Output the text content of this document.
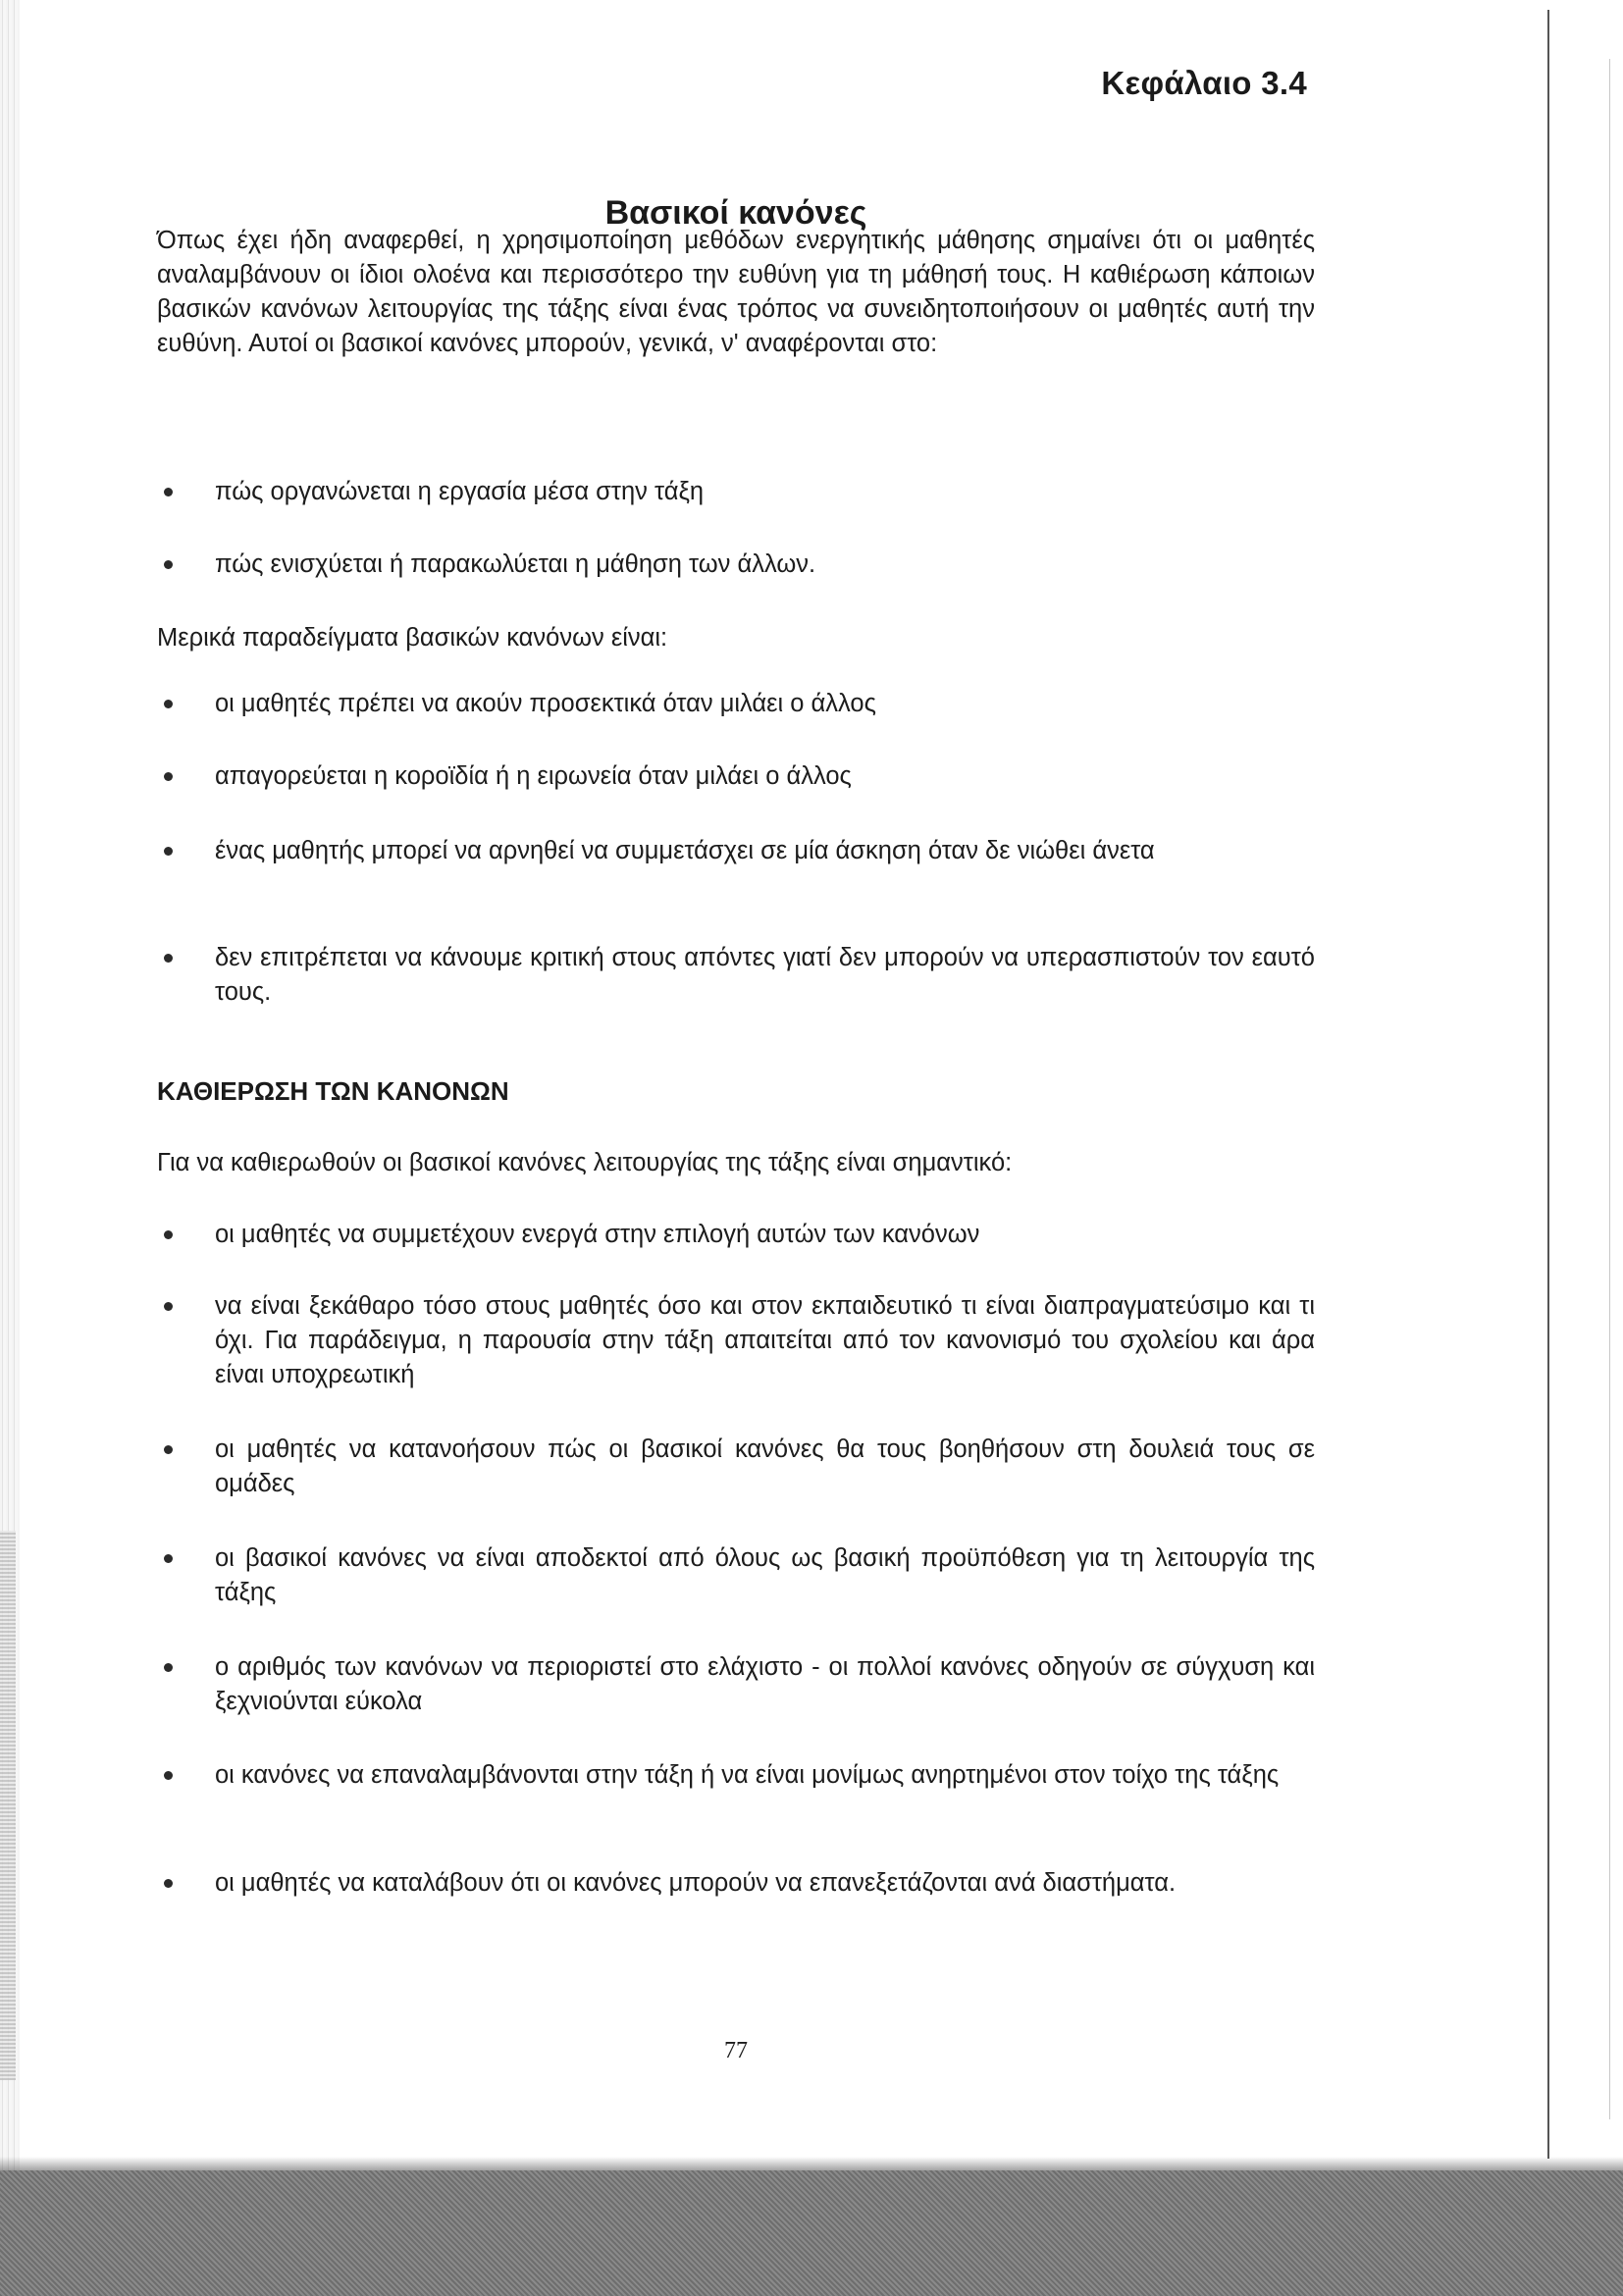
Κεφάλαιο 3.4
Βασικοί κανόνες

Όπως έχει ήδη αναφερθεί, η χρησιμοποίηση μεθόδων ενεργητικής μάθησης σημαίνει ότι οι μαθητές αναλαμβάνουν οι ίδιοι ολοένα και περισσότερο την ευθύνη για τη μάθησή τους. Η καθιέρωση κάποιων βασικών κανόνων λειτουργίας της τάξης είναι ένας τρόπος να συνειδητοποιήσουν οι μαθητές αυτή την ευθύνη. Αυτοί οι βασικοί κανόνες μπορούν, γενικά, ν' αναφέρονται στο:

πώς οργανώνεται η εργασία μέσα στην τάξη
πώς ενισχύεται ή παρακωλύεται η μάθηση των άλλων.

Μερικά παραδείγματα βασικών κανόνων είναι:

οι μαθητές πρέπει να ακούν προσεκτικά όταν μιλάει ο άλλος
απαγορεύεται η κοροϊδία ή η ειρωνεία όταν μιλάει ο άλλος
ένας μαθητής μπορεί να αρνηθεί να συμμετάσχει σε μία άσκηση όταν δε νιώθει άνετα
δεν επιτρέπεται να κάνουμε κριτική στους απόντες γιατί δεν μπορούν να υπερασπιστούν τον εαυτό τους.
ΚΑΘΙΕΡΩΣΗ ΤΩΝ ΚΑΝΟΝΩΝ

Για να καθιερωθούν οι βασικοί κανόνες λειτουργίας της τάξης είναι σημαντικό:

οι μαθητές να συμμετέχουν ενεργά στην επιλογή αυτών των κανόνων
να είναι ξεκάθαρο τόσο στους μαθητές όσο και στον εκπαιδευτικό τι είναι διαπραγματεύσιμο και τι όχι. Για παράδειγμα, η παρουσία στην τάξη απαιτείται από τον κανονισμό του σχολείου και άρα είναι υποχρεωτική
οι μαθητές να κατανοήσουν πώς οι βασικοί κανόνες θα τους βοηθήσουν στη δουλειά τους σε ομάδες
οι βασικοί κανόνες να είναι αποδεκτοί από όλους ως βασική προϋπόθεση για τη λειτουργία της τάξης
ο αριθμός των κανόνων να περιοριστεί στο ελάχιστο - οι πολλοί κανόνες οδηγούν σε σύγχυση και ξεχνιούνται εύκολα
οι κανόνες να επαναλαμβάνονται στην τάξη ή να είναι μονίμως ανηρτημένοι στον τοίχο της τάξης
οι μαθητές να καταλάβουν ότι οι κανόνες μπορούν να επανεξετάζονται ανά διαστήματα.
77
